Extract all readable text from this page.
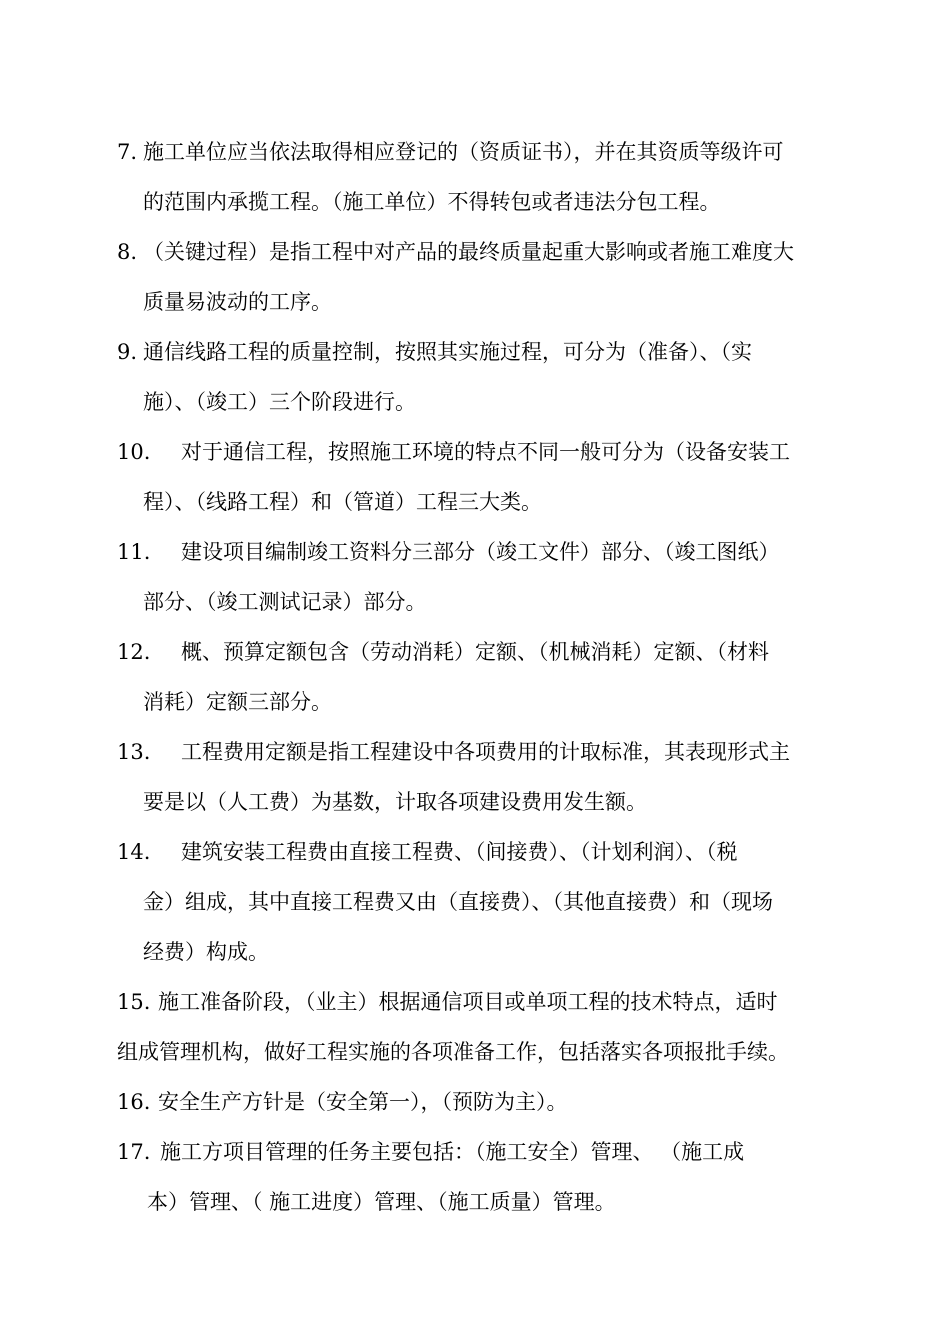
7. 施工单位应当依法取得相应登记的（资质证书），并在其资质等级许可
的范围内承揽工程。（施工单位）不得转包或者违法分包工程。
8. （关键过程）是指工程中对产品的最终质量起重大影响或者施工难度大
质量易波动的工序。
9. 通信线路工程的质量控制，按照其实施过程，可分为（准备）、（实
施）、（竣工）三个阶段进行。
10. 对于通信工程，按照施工环境的特点不同一般可分为（设备安装工
程）、（线路工程）和（管道）工程三大类。
11. 建设项目编制竣工资料分三部分（竣工文件）部分、（竣工图纸）
部分、（竣工测试记录）部分。
12. 概、预算定额包含（劳动消耗）定额、（机械消耗）定额、（材料
消耗）定额三部分。
13. 工程费用定额是指工程建设中各项费用的计取标准，其表现形式主
要是以（人工费）为基数，计取各项建设费用发生额。
14. 建筑安装工程费由直接工程费、（间接费）、（计划利润）、（税
金）组成，其中直接工程费又由（直接费）、（其他直接费）和（现场
经费）构成。
15. 施工准备阶段，（业主）根据通信项目或单项工程的技术特点，适时
组成管理机构，做好工程实施的各项准备工作，包括落实各项报批手续。
16. 安全生产方针是（安全第一），（预防为主）。
17. 施工方项目管理的任务主要包括：（施工安全）管理、 （施工成
本）管理、（ 施工进度）管理、（施工质量）管理。
